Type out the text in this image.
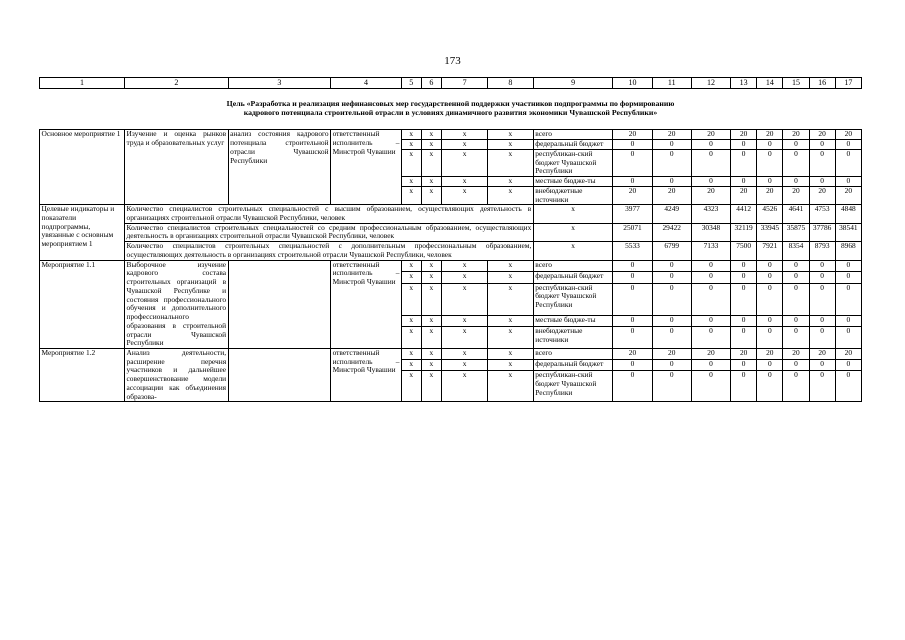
173
1	2	3	4	5	6	7	8	9	10	11	12	13	14	15	16	17

Цель «Разработка и реализация нефинансовых мер государственной поддержки участников подпрограммы по формированию
кадрового потенциала строительной отрасли в условиях динамичного развития экономики Чувашской Республики»																

Основное мероприятие 1	Изучение и оценка рынков труда и образовательных услуг	анализ состояния кадрового потенциала строительной отрасли Чувашской Республики	ответственный исполнитель – Минстрой Чувашии	x	x	x	x	всего	20	20	20	20	20	20	20	20
				x	x	x	x	федеральный бюджет	0	0	0	0	0	0	0	0
				x	x	x	x	республикан-ский бюджет Чувашской Республики	0	0	0	0	0	0	0	0
				x	x	x	x	местные бюдже-ты	0	0	0	0	0	0	0	0
				x	x	x	x	внебюджетные источники	20	20	20	20	20	20	20	20
Целевые индикаторы и показатели подпрограммы, увязанные с основным мероприятием 1	Количество специалистов строительных специальностей с высшим образованием, осуществляющих деятельность в организациях строительной отрасли Чувашской Республики, человек							x	3977	4249	4323	4412	4526	4641	4753	4848
	Количество специалистов строительных специальностей со средним профессиональным образованием, осуществляющих деятельность в организациях строительной отрасли Чувашской Республики, человек							x	25071	29422	30348	32119	33945	35875	37786	38541
	Количество специалистов строительных специальностей с дополнительным профессиональным образованием, осуществляющих деятельность в организациях строительной отрасли Чувашской Республики, человек							x	5533	6799	7133	7500	7921	8354	8793	8968
Мероприятие 1.1	Выборочное изучение кадрового состава строительных организаций в Чувашской Республике и состояния профессионального обучения и дополнительного профессионального образования в строительной отрасли Чувашской Республики		ответственный исполнитель – Минстрой Чувашии	x	x	x	x	всего	0	0	0	0	0	0	0	0
				x	x	x	x	федеральный бюджет	0	0	0	0	0	0	0	0
				x	x	x	x	республикан-ский бюджет Чувашской Республики	0	0	0	0	0	0	0	0
				x	x	x	x	местные бюдже-ты	0	0	0	0	0	0	0	0
				x	x	x	x	внебюджетные источники	0	0	0	0	0	0	0	0
Мероприятие 1.2	Анализ деятельности, расширение перечня участников и дальнейшее совершенствование модели ассоциации как объединения образова-		ответственный исполнитель – Минстрой Чувашии	x	x	x	x	всего	20	20	20	20	20	20	20	20
				x	x	x	x	федеральный бюджет	0	0	0	0	0	0	0	0
				x	x	x	x	республикан-ский бюджет Чувашской Республики	0	0	0	0	0	0	0	0
